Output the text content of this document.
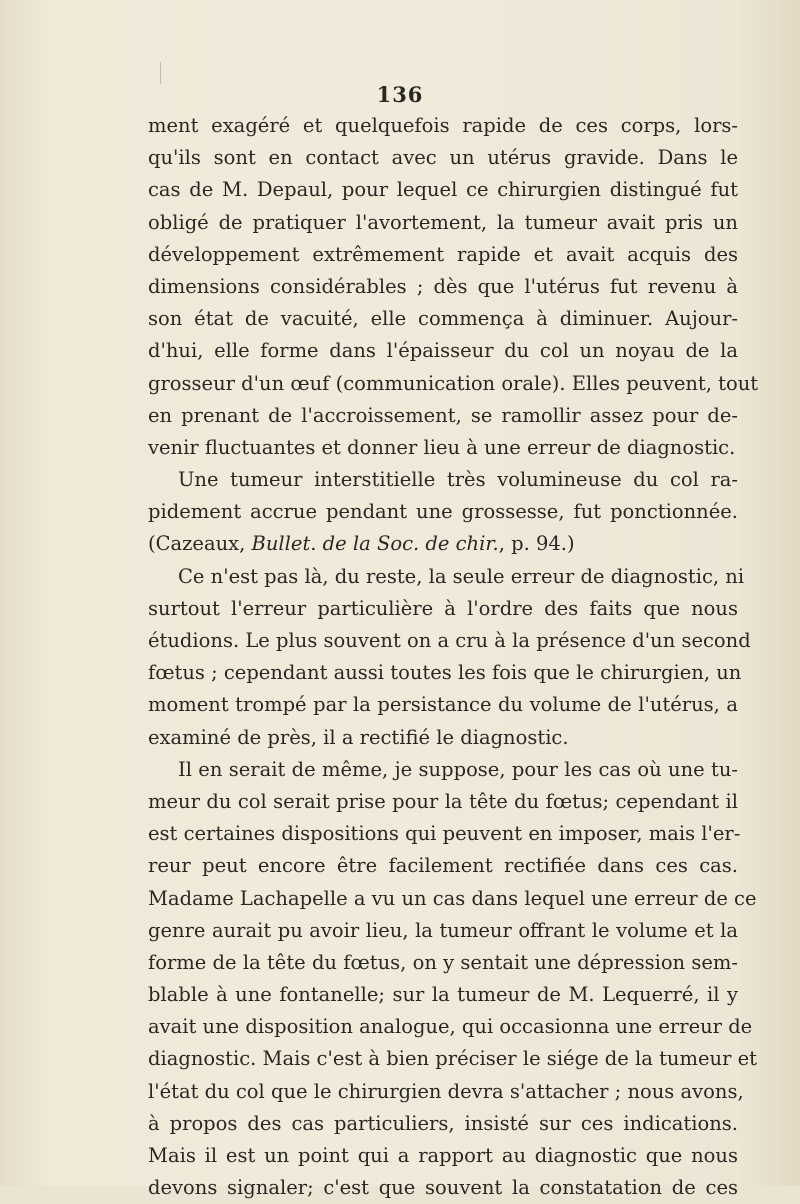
136
ment exagéré et quelquefois rapide de ces corps, lors-
qu'ils sont en contact avec un utérus gravide. Dans le
cas de M. Depaul, pour lequel ce chirurgien distingué fut
obligé de pratiquer l'avortement, la tumeur avait pris un
développement extrêmement rapide et avait acquis des
dimensions considérables ; dès que l'utérus fut revenu à
son état de vacuité, elle commença à diminuer. Aujour-
d'hui, elle forme dans l'épaisseur du col un noyau de la
grosseur d'un œuf (communication orale). Elles peuvent, tout
en prenant de l'accroissement, se ramollir assez pour de-
venir fluctuantes et donner lieu à une erreur de diagnostic.
Une tumeur interstitielle très volumineuse du col ra-
pidement accrue pendant une grossesse, fut ponctionnée.
(Cazeaux, Bullet. de la Soc. de chir., p. 94.)
Ce n'est pas là, du reste, la seule erreur de diagnostic, ni
surtout l'erreur particulière à l'ordre des faits que nous
étudions. Le plus souvent on a cru à la présence d'un second
fœtus ; cependant aussi toutes les fois que le chirurgien, un
moment trompé par la persistance du volume de l'utérus, a
examiné de près, il a rectifié le diagnostic.
Il en serait de même, je suppose, pour les cas où une tu-
meur du col serait prise pour la tête du fœtus; cependant il
est certaines dispositions qui peuvent en imposer, mais l'er-
reur peut encore être facilement rectifiée dans ces cas.
Madame Lachapelle a vu un cas dans lequel une erreur de ce
genre aurait pu avoir lieu, la tumeur offrant le volume et la
forme de la tête du fœtus, on y sentait une dépression sem-
blable à une fontanelle; sur la tumeur de M. Lequerré, il y
avait une disposition analogue, qui occasionna une erreur de
diagnostic. Mais c'est à bien préciser le siége de la tumeur et
l'état du col que le chirurgien devra s'attacher ; nous avons,
à propos des cas particuliers, insisté sur ces indications.
Mais il est un point qui a rapport au diagnostic que nous
devons signaler; c'est que souvent la constatation de ces
